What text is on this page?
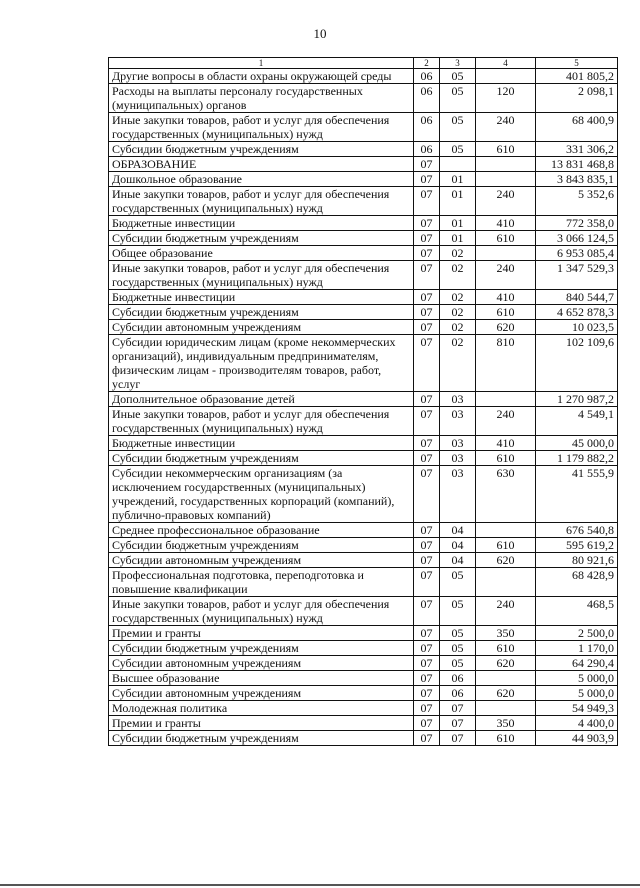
10
1	2	3	4	5
Другие вопросы в области охраны окружающей среды	06	05		401 805,2
Расходы на выплаты персоналу государственных (муниципальных) органов	06	05	120	2 098,1
Иные закупки товаров, работ и услуг для обеспечения государственных (муниципальных) нужд	06	05	240	68 400,9
Субсидии бюджетным учреждениям	06	05	610	331 306,2
ОБРАЗОВАНИЕ	07			13 831 468,8
Дошкольное образование	07	01		3 843 835,1
Иные закупки товаров, работ и услуг для обеспечения государственных (муниципальных) нужд	07	01	240	5 352,6
Бюджетные инвестиции	07	01	410	772 358,0
Субсидии бюджетным учреждениям	07	01	610	3 066 124,5
Общее образование	07	02		6 953 085,4
Иные закупки товаров, работ и услуг для обеспечения государственных (муниципальных) нужд	07	02	240	1 347 529,3
Бюджетные инвестиции	07	02	410	840 544,7
Субсидии бюджетным учреждениям	07	02	610	4 652 878,3
Субсидии автономным учреждениям	07	02	620	10 023,5
Субсидии юридическим лицам (кроме некоммерческих организаций), индивидуальным предпринимателям, физическим лицам - производителям товаров, работ, услуг	07	02	810	102 109,6
Дополнительное образование детей	07	03		1 270 987,2
Иные закупки товаров, работ и услуг для обеспечения государственных (муниципальных) нужд	07	03	240	4 549,1
Бюджетные инвестиции	07	03	410	45 000,0
Субсидии бюджетным учреждениям	07	03	610	1 179 882,2
Субсидии некоммерческим организациям (за исключением государственных (муниципальных) учреждений, государственных корпораций (компаний), публично-правовых компаний)	07	03	630	41 555,9
Среднее профессиональное образование	07	04		676 540,8
Субсидии бюджетным учреждениям	07	04	610	595 619,2
Субсидии автономным учреждениям	07	04	620	80 921,6
Профессиональная подготовка, переподготовка и повышение квалификации	07	05		68 428,9
Иные закупки товаров, работ и услуг для обеспечения государственных (муниципальных) нужд	07	05	240	468,5
Премии и гранты	07	05	350	2 500,0
Субсидии бюджетным учреждениям	07	05	610	1 170,0
Субсидии автономным учреждениям	07	05	620	64 290,4
Высшее образование	07	06		5 000,0
Субсидии автономным учреждениям	07	06	620	5 000,0
Молодежная политика	07	07		54 949,3
Премии и гранты	07	07	350	4 400,0
Субсидии бюджетным учреждениям	07	07	610	44 903,9
